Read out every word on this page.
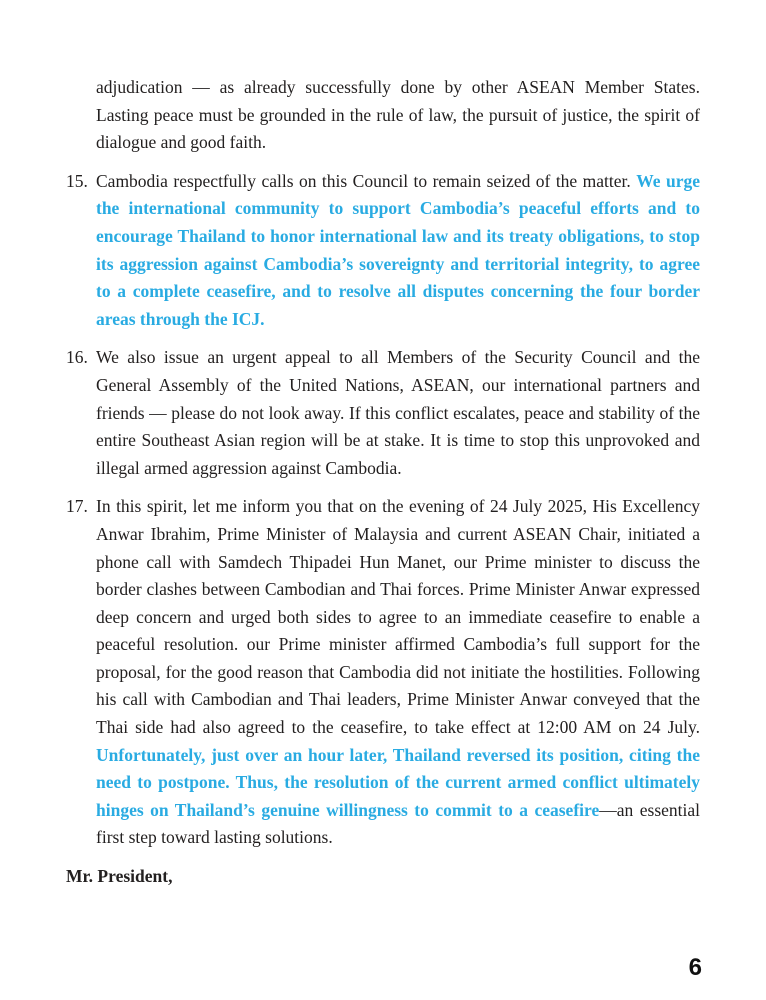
adjudication — as already successfully done by other ASEAN Member States. Lasting peace must be grounded in the rule of law, the pursuit of justice, the spirit of dialogue and good faith.

15. Cambodia respectfully calls on this Council to remain seized of the matter. We urge the international community to support Cambodia’s peaceful efforts and to encourage Thailand to honor international law and its treaty obligations, to stop its aggression against Cambodia’s sovereignty and territorial integrity, to agree to a complete ceasefire, and to resolve all disputes concerning the four border areas through the ICJ.
16. We also issue an urgent appeal to all Members of the Security Council and the General Assembly of the United Nations, ASEAN, our international partners and friends — please do not look away. If this conflict escalates, peace and stability of the entire Southeast Asian region will be at stake. It is time to stop this unprovoked and illegal armed aggression against Cambodia.
17. In this spirit, let me inform you that on the evening of 24 July 2025, His Excellency Anwar Ibrahim, Prime Minister of Malaysia and current ASEAN Chair, initiated a phone call with Samdech Thipadei Hun Manet, our Prime minister to discuss the border clashes between Cambodian and Thai forces. Prime Minister Anwar expressed deep concern and urged both sides to agree to an immediate ceasefire to enable a peaceful resolution. our Prime minister affirmed Cambodia’s full support for the proposal, for the good reason that Cambodia did not initiate the hostilities. Following his call with Cambodian and Thai leaders, Prime Minister Anwar conveyed that the Thai side had also agreed to the ceasefire, to take effect at 12:00 AM on 24 July. Unfortunately, just over an hour later, Thailand reversed its position, citing the need to postpone. Thus, the resolution of the current armed conflict ultimately hinges on Thailand’s genuine willingness to commit to a ceasefire—an essential first step toward lasting solutions.

Mr. President,

6
